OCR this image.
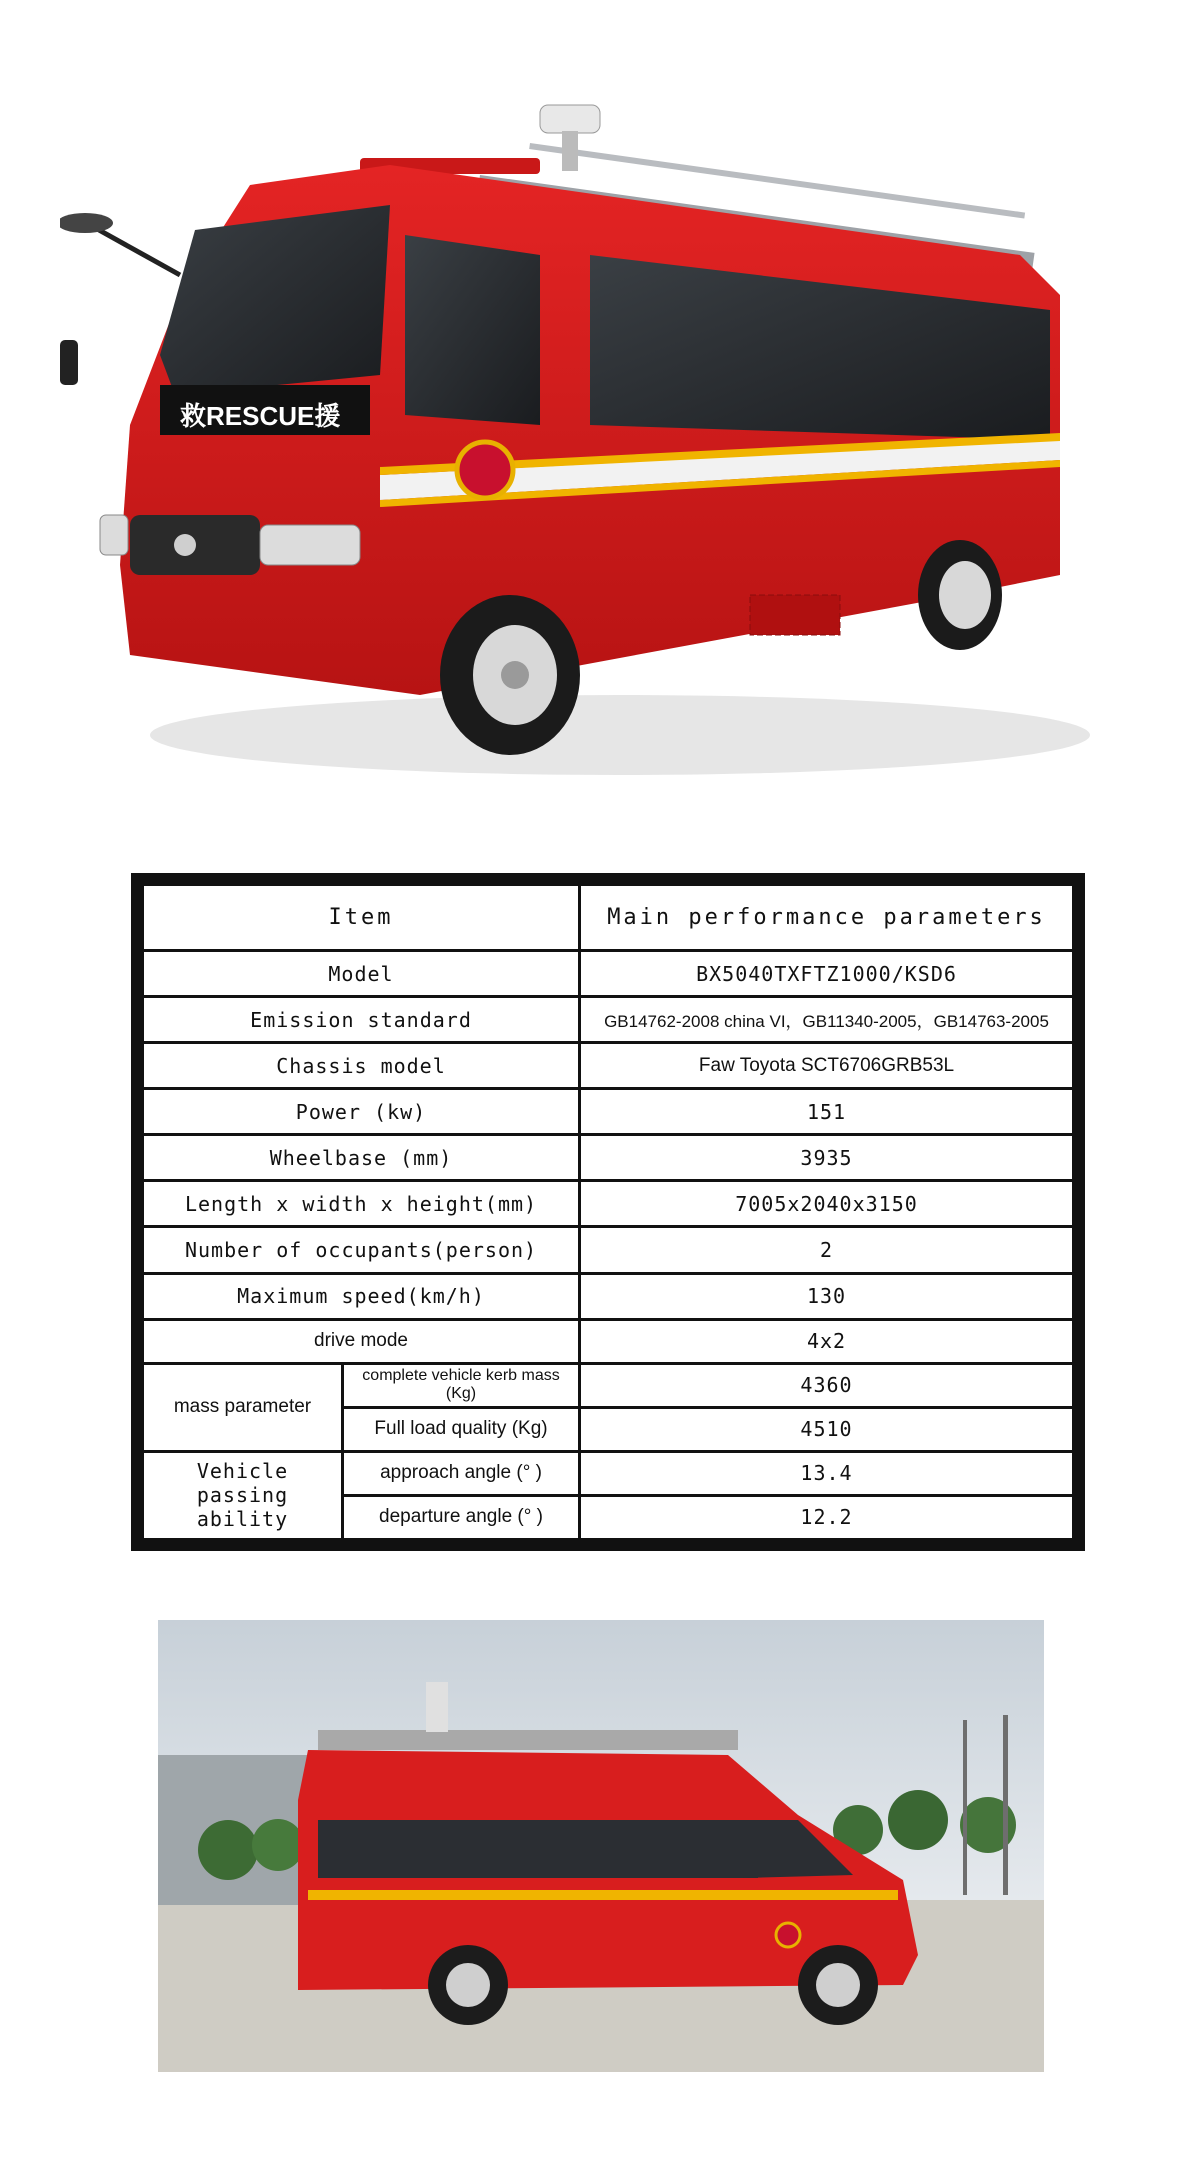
救RESCUE援
Item		Main performance parameters
Model		BX5040TXFTZ1000/KSD6
Emission standard		GB14762-2008 china VI，GB11340-2005，GB14763-2005
Chassis model		Faw Toyota SCT6706GRB53L
Power (kw)		151
Wheelbase (mm)		3935
Length x width x height(mm)		7005x2040x3150
Number of occupants(person)		2
Maximum speed(km/h)		130
drive mode		4x2
mass parameter	complete vehicle kerb mass (Kg)	4360
	Full load quality (Kg)	4510
Vehicle passing ability	approach angle (° )	13.4
	departure angle (° )	12.2
